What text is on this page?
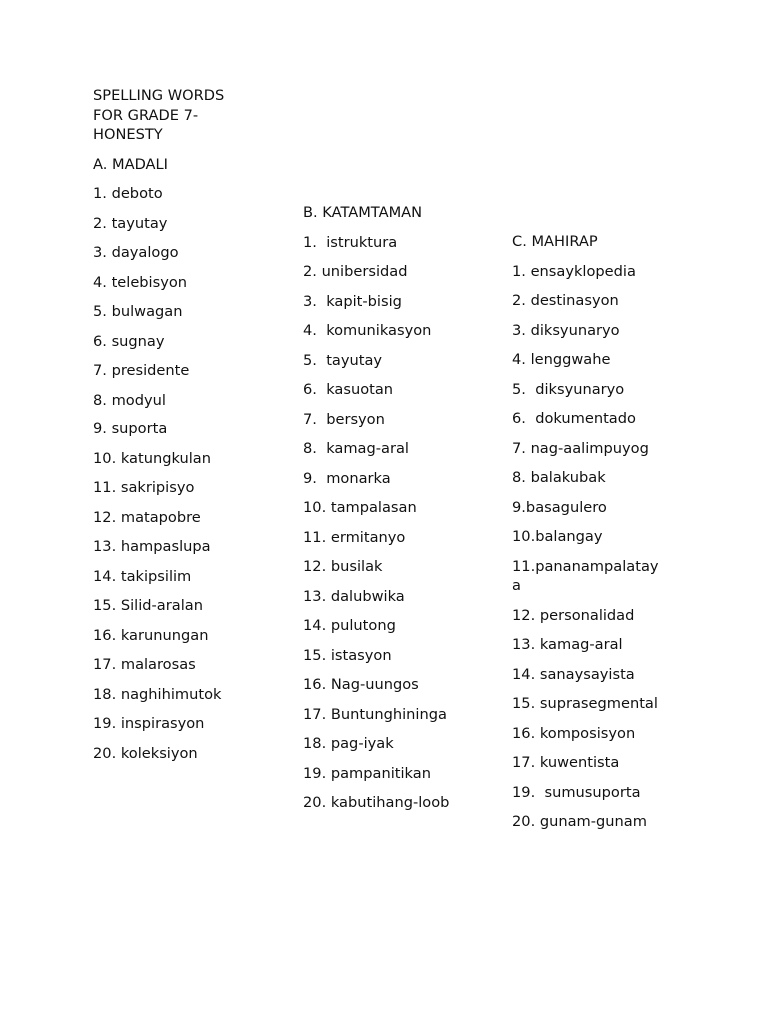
SPELLING WORDS
FOR GRADE 7-
HONESTY
A. MADALI
1. deboto
2. tayutay
3. dayalogo
4. telebisyon
5. bulwagan
6. sugnay
7. presidente
8. modyul
9. suporta
10. katungkulan
11. sakripisyo
12. matapobre
13. hampaslupa
14. takipsilim
15. Silid-aralan
16. karunungan
17. malarosas
18. naghihimutok
19. inspirasyon
20. koleksiyon
B. KATAMTAMAN
1.  istruktura
2. unibersidad
3.  kapit-bisig
4.  komunikasyon
5.  tayutay
6.  kasuotan
7.  bersyon
8.  kamag-aral
9.  monarka
10. tampalasan
11. ermitanyo
12. busilak
13. dalubwika
14. pulutong
15. istasyon
16. Nag-uungos
17. Buntunghininga
18. pag-iyak
19. pampanitikan
20. kabutihang-loob
C. MAHIRAP
1. ensayklopedia
2. destinasyon
3. diksyunaryo
4. lenggwahe
5.  diksyunaryo
6.  dokumentado
7. nag-aalimpuyog
8. balakubak
9.basagulero
10.balangay
11.pananampalatay a
12. personalidad
13. kamag-aral
14. sanaysayista
15. suprasegmental
16. komposisyon
17. kuwentista
19.  sumusuporta
20. gunam-gunam
